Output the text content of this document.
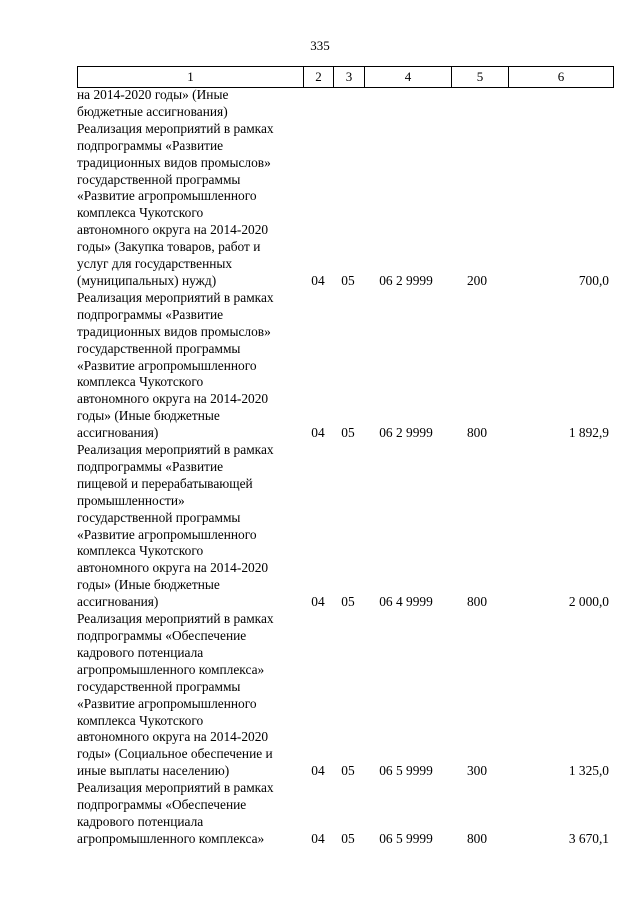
335
1	2	3	4	5	6
на 2014-2020 годы» (Иные
бюджетные ассигнования)
Реализация мероприятий в рамках
подпрограммы «Развитие
традиционных видов промыслов»
государственной программы
«Развитие агропромышленного
комплекса Чукотского
автономного округа на 2014-2020
годы» (Закупка товаров, работ и
услуг для государственных
(муниципальных) нужд)	04	05	06 2 9999	200	700,0
Реализация мероприятий в рамках
подпрограммы «Развитие
традиционных видов промыслов»
государственной программы
«Развитие агропромышленного
комплекса Чукотского
автономного округа на 2014-2020
годы» (Иные бюджетные
ассигнования)	04	05	06 2 9999	800	1 892,9
Реализация мероприятий в рамках
подпрограммы «Развитие
пищевой и перерабатывающей
промышленности»
государственной программы
«Развитие агропромышленного
комплекса Чукотского
автономного округа на 2014-2020
годы» (Иные бюджетные
ассигнования)	04	05	06 4 9999	800	2 000,0
Реализация мероприятий в рамках
подпрограммы «Обеспечение
кадрового потенциала
агропромышленного комплекса»
государственной программы
«Развитие агропромышленного
комплекса Чукотского
автономного округа на 2014-2020
годы» (Социальное обеспечение и
иные выплаты населению)	04	05	06 5 9999	300	1 325,0
Реализация мероприятий в рамках
подпрограммы «Обеспечение
кадрового потенциала
агропромышленного комплекса»	04	05	06 5 9999	800	3 670,1
